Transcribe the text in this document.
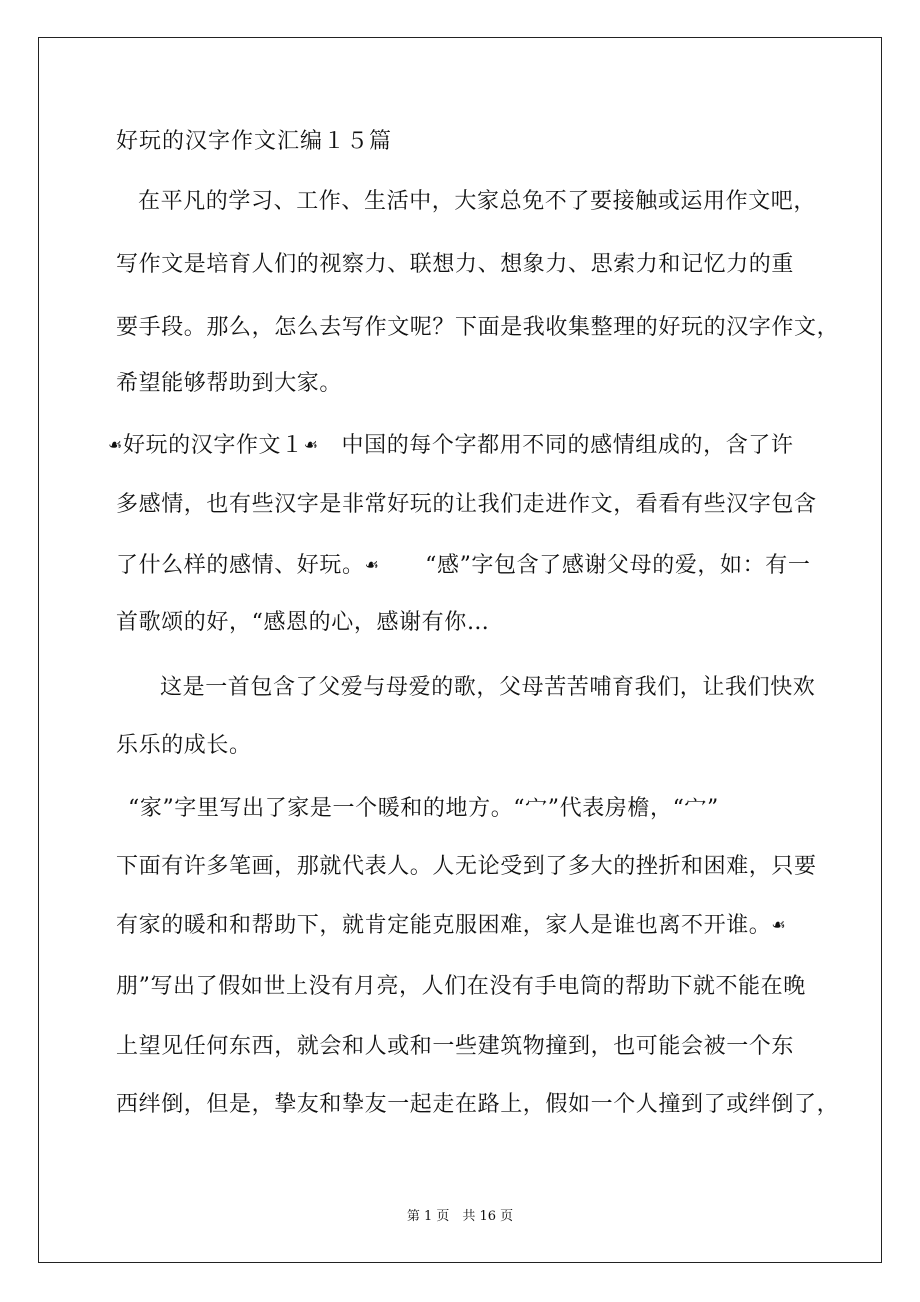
好玩的汉字作文汇编１５篇
在平凡的学习、工作、生活中，大家总免不了要接触或运用作文吧，
写作文是培育人们的视察力、联想力、想象力、思索力和记忆力的重
要手段。那么，怎么去写作文呢？下面是我收集整理的好玩的汉字作文，
希望能够帮助到大家。
☙好玩的汉字作文１☙ 中国的每个字都用不同的感情组成的，含了许
多感情，也有些汉字是非常好玩的让我们走进作文，看看有些汉字包含
了什么样的感情、好玩。☙ “感”字包含了感谢父母的爱，如：有一
首歌颂的好，“感恩的心，感谢有你…
这是一首包含了父爱与母爱的歌，父母苦苦哺育我们，让我们快欢
乐乐的成长。
“家”字里写出了家是一个暖和的地方。“宀”代表房檐，“宀”
下面有许多笔画，那就代表人。人无论受到了多大的挫折和困难，只要
有家的暖和和帮助下，就肯定能克服困难，家人是谁也离不开谁。☙
朋”写出了假如世上没有月亮，人们在没有手电筒的帮助下就不能在晚
上望见任何东西，就会和人或和一些建筑物撞到，也可能会被一个东
西绊倒，但是，挚友和挚友一起走在路上，假如一个人撞到了或绊倒了，
第 1 页　共 16 页
